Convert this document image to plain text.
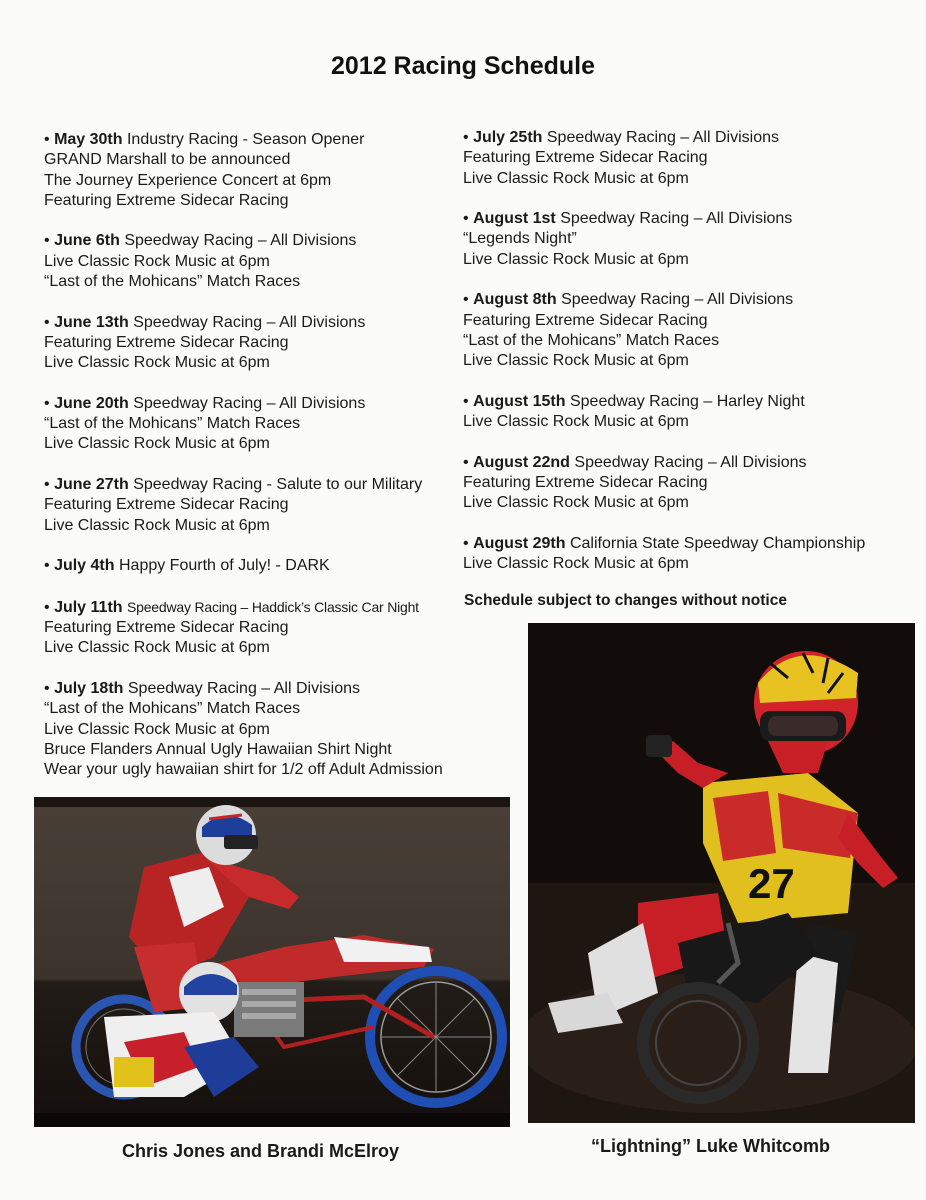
2012 Racing Schedule
• May 30th Industry Racing - Season Opener
GRAND Marshall to be announced
The Journey Experience Concert at 6pm
Featuring Extreme Sidecar Racing
• June 6th Speedway Racing – All Divisions
Live Classic Rock Music at 6pm
“Last of the Mohicans” Match Races
• June 13th Speedway Racing – All Divisions
Featuring Extreme Sidecar Racing
Live Classic Rock Music at 6pm
• June 20th Speedway Racing – All Divisions
“Last of the Mohicans” Match Races
Live Classic Rock Music at 6pm
• June 27th Speedway Racing - Salute to our Military
Featuring Extreme Sidecar Racing
Live Classic Rock Music at 6pm
• July 4th Happy Fourth of July! - DARK
• July 11th Speedway Racing – Haddick’s Classic Car Night
Featuring Extreme Sidecar Racing
Live Classic Rock Music at 6pm
• July 18th Speedway Racing – All Divisions
“Last of the Mohicans” Match Races
Live Classic Rock Music at 6pm
Bruce Flanders Annual Ugly Hawaiian Shirt Night
Wear your ugly hawaiian shirt for 1/2 off Adult Admission
• July 25th Speedway Racing – All Divisions
Featuring Extreme Sidecar Racing
Live Classic Rock Music at 6pm
• August 1st Speedway Racing – All Divisions
“Legends Night”
Live Classic Rock Music at 6pm
• August 8th Speedway Racing – All Divisions
Featuring Extreme Sidecar Racing
“Last of the Mohicans” Match Races
Live Classic Rock Music at 6pm
• August 15th Speedway Racing – Harley Night
Live Classic Rock Music at 6pm
• August 22nd Speedway Racing – All Divisions
Featuring Extreme Sidecar Racing
Live Classic Rock Music at 6pm
• August 29th California State Speedway Championship
Live Classic Rock Music at 6pm
Schedule subject to changes without notice
27
Chris Jones and Brandi McElroy	“Lightning” Luke Whitcomb
